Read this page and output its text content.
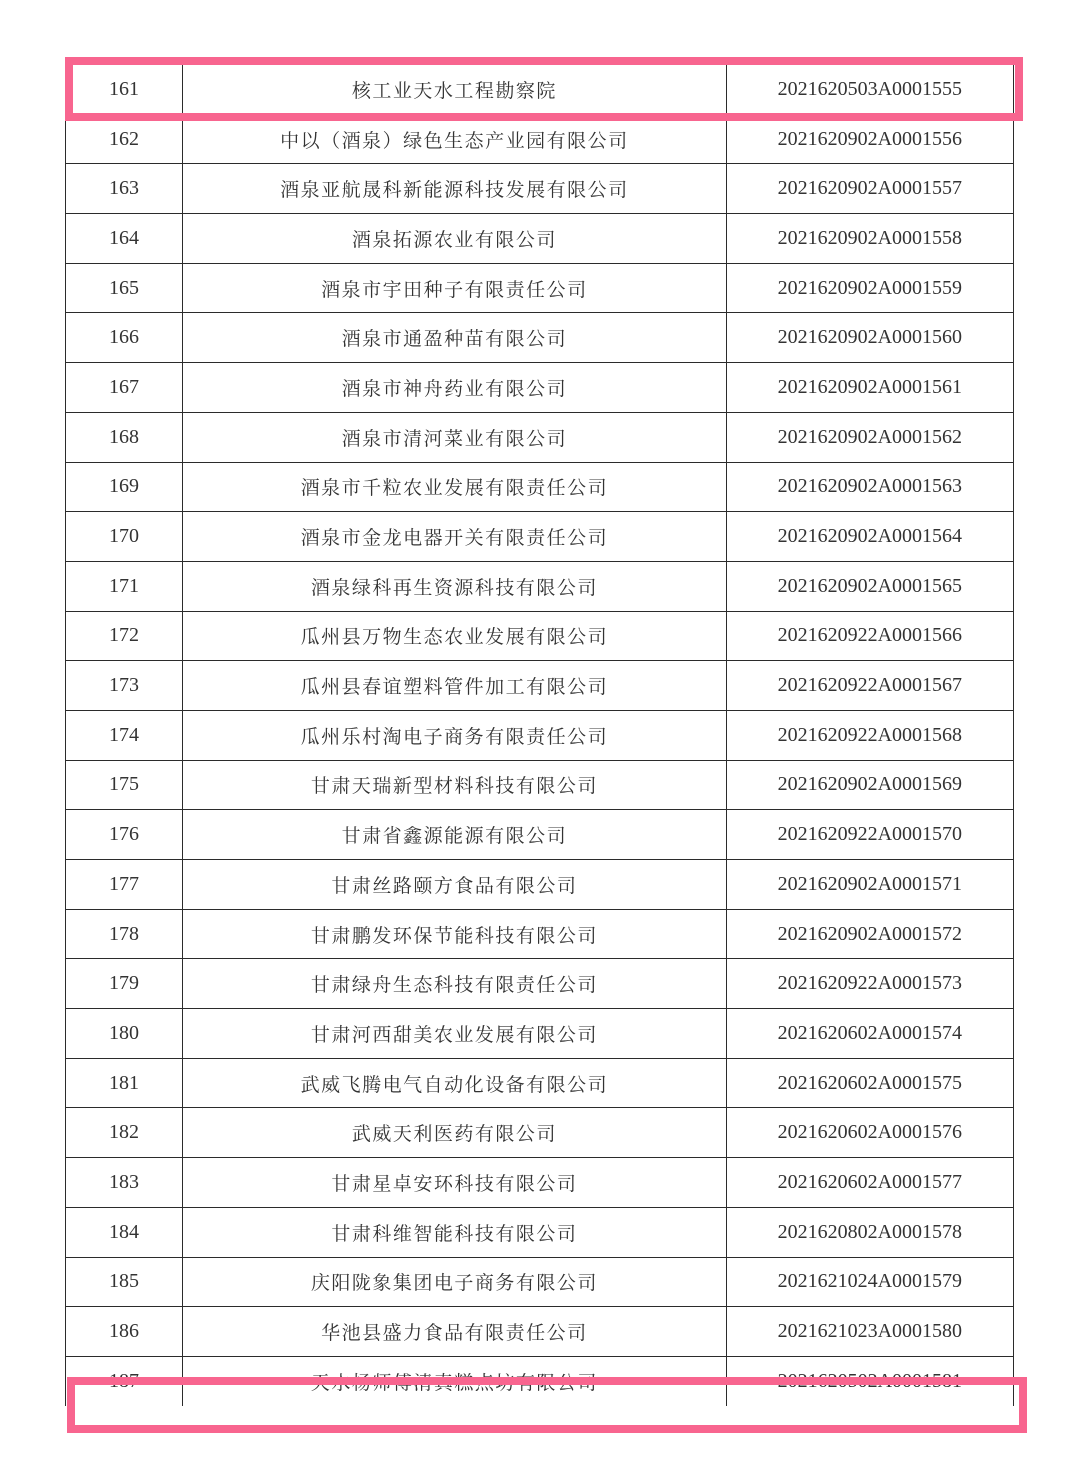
161	核工业天水工程勘察院	2021620503A0001555
162	中以（酒泉）绿色生态产业园有限公司	2021620902A0001556
163	酒泉亚航晟科新能源科技发展有限公司	2021620902A0001557
164	酒泉拓源农业有限公司	2021620902A0001558
165	酒泉市宇田种子有限责任公司	2021620902A0001559
166	酒泉市通盈种苗有限公司	2021620902A0001560
167	酒泉市神舟药业有限公司	2021620902A0001561
168	酒泉市清河菜业有限公司	2021620902A0001562
169	酒泉市千粒农业发展有限责任公司	2021620902A0001563
170	酒泉市金龙电器开关有限责任公司	2021620902A0001564
171	酒泉绿科再生资源科技有限公司	2021620902A0001565
172	瓜州县万物生态农业发展有限公司	2021620922A0001566
173	瓜州县春谊塑料管件加工有限公司	2021620922A0001567
174	瓜州乐村淘电子商务有限责任公司	2021620922A0001568
175	甘肃天瑞新型材料科技有限公司	2021620902A0001569
176	甘肃省鑫源能源有限公司	2021620922A0001570
177	甘肃丝路颐方食品有限公司	2021620902A0001571
178	甘肃鹏发环保节能科技有限公司	2021620902A0001572
179	甘肃绿舟生态科技有限责任公司	2021620922A0001573
180	甘肃河西甜美农业发展有限公司	2021620602A0001574
181	武威飞腾电气自动化设备有限公司	2021620602A0001575
182	武威天利医药有限公司	2021620602A0001576
183	甘肃星卓安环科技有限公司	2021620602A0001577
184	甘肃科维智能科技有限公司	2021620802A0001578
185	庆阳陇象集团电子商务有限公司	2021621024A0001579
186	华池县盛力食品有限责任公司	2021621023A0001580
187	天水杨师傅清真糕点坊有限公司	2021620502A0001581
